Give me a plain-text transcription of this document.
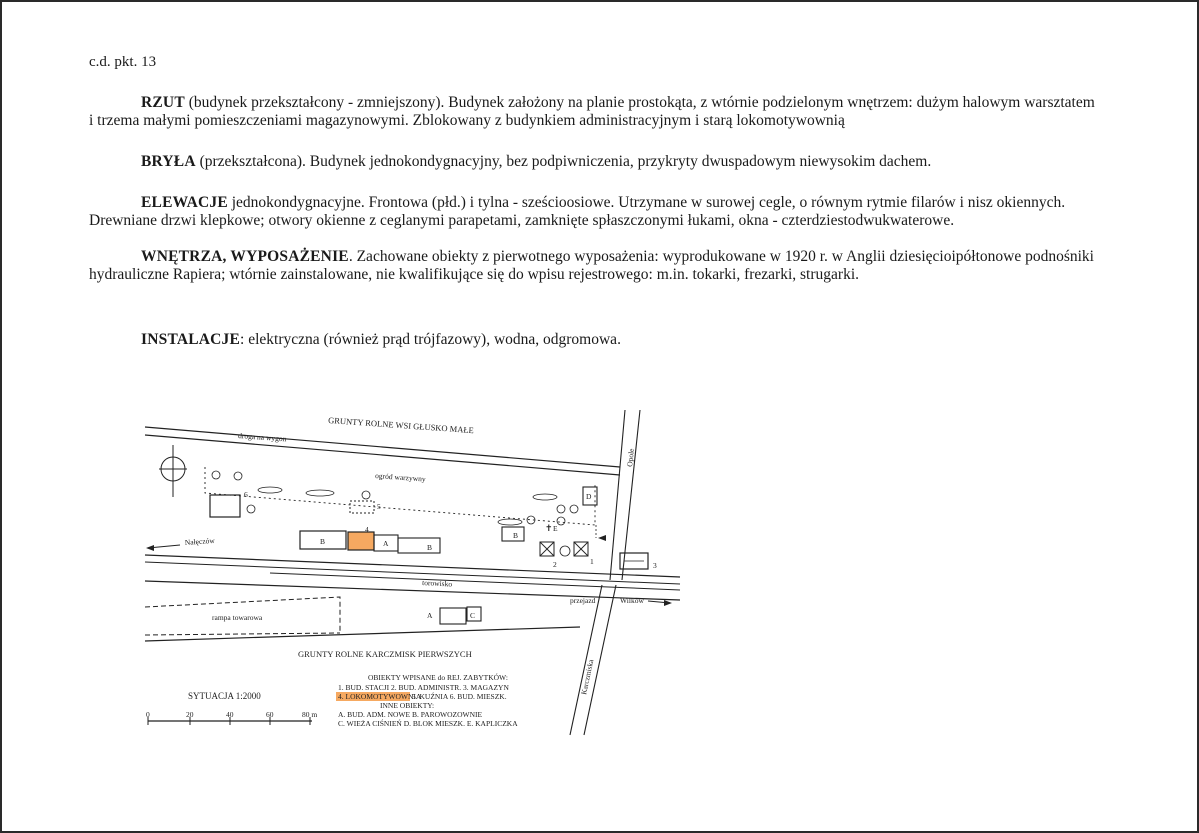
c.d. pkt. 13
RZUT (budynek przekształcony - zmniejszony). Budynek założony na planie prostokąta, z wtórnie podzielonym wnętrzem: dużym halowym warsztatem i trzema małymi pomieszczeniami magazynowymi. Zblokowany z budynkiem administracyjnym i starą lokomotywownią
BRYŁA (przekształcona). Budynek jednokondygnacyjny, bez podpiwniczenia, przykryty dwuspadowym niewysokim dachem.
ELEWACJE jednokondygnacyjne. Frontowa (płd.) i tylna - sześcioosiowe. Utrzymane w surowej cegle, o równym rytmie filarów i nisz okiennych. Drewniane drzwi klepkowe; otwory okienne z ceglanymi parapetami, zamknięte spłaszczonymi łukami, okna - czterdziestodwukwaterowe.
WNĘTRZA, WYPOSAŻENIE. Zachowane obiekty z pierwotnego wyposażenia: wyprodukowane w 1920 r. w Anglii dziesięcioipółtonowe podnośniki hydrauliczne Rapiera; wtórnie zainstalowane, nie kwalifikujące się do wpisu rejestrowego: m.in. tokarki, frezarki, strugarki.
INSTALACJE: elektryczna (również prąd trójfazowy), wodna, odgromowa.
GRUNTY ROLNE WSI GŁUSKO MAŁE
droga na wygon
Opole
ogród warzywny
6
5
D
✝ E
B
4
A	B
B
2	1	3
Nałęczów
torowisko
przejazd	Wilków
Karczmiska
rampa towarowa	A	C
GRUNTY ROLNE KARCZMISK PIERWSZYCH
SYTUACJA 1:2000
0	20	40	60	80 m
OBIEKTY WPISANE do REJ. ZABYTKÓW:
1. BUD. STACJI 2. BUD. ADMINISTR. 3. MAGAZYN
4. LOKOMOTYWOWNIA
5. KUŹNIA 6. BUD. MIESZK.
INNE OBIEKTY:
A. BUD. ADM. NOWE B. PAROWOZOWNIE
C. WIEŻA CIŚNIEŃ D. BLOK MIESZK. E. KAPLICZKA
